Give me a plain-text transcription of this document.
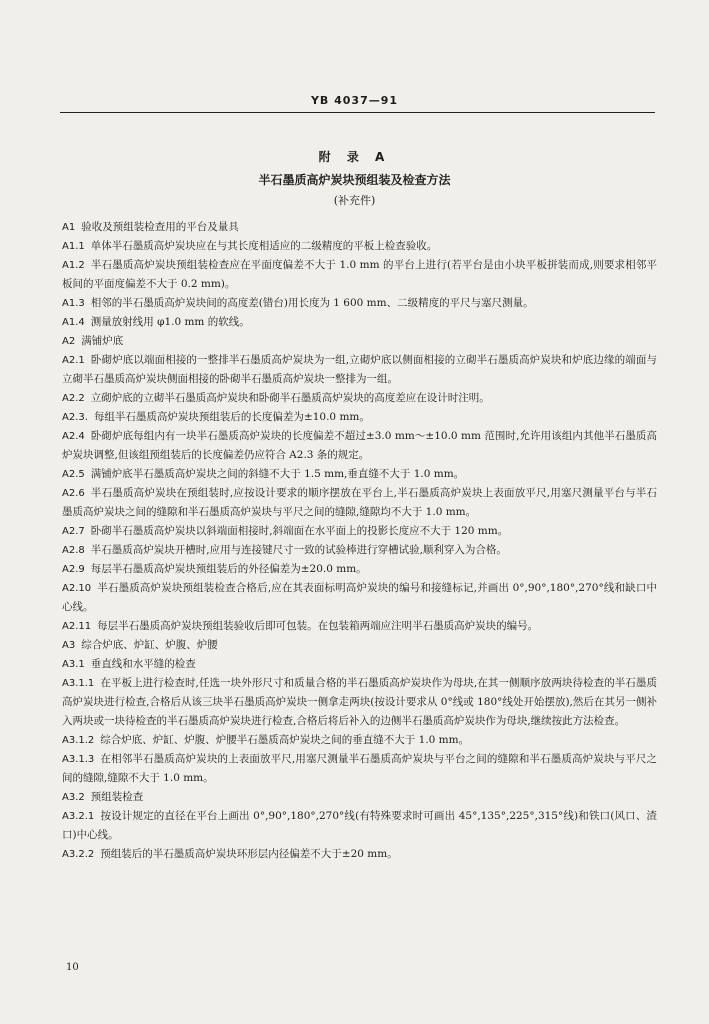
YB 4037—91
附 录 A
半石墨质高炉炭块预组装及检查方法
(补充件)
A1 验收及预组装检查用的平台及量具
A1.1 单体半石墨质高炉炭块应在与其长度相适应的二级精度的平板上检查验收。
A1.2 半石墨质高炉炭块预组装检查应在平面度偏差不大于 1.0 mm 的平台上进行(若平台是由小块平板拼装而成,则要求相邻平板间的平面度偏差不大于 0.2 mm)。
A1.3 相邻的半石墨质高炉炭块间的高度差(错台)用长度为 1 600 mm、二级精度的平尺与塞尺测量。
A1.4 测量放射线用 φ1.0 mm 的软线。
A2 满铺炉底
A2.1 卧砌炉底以端面相接的一整排半石墨质高炉炭块为一组,立砌炉底以侧面相接的立砌半石墨质高炉炭块和炉底边缘的端面与立砌半石墨质高炉炭块侧面相接的卧砌半石墨质高炉炭块一整排为一组。
A2.2 立砌炉底的立砌半石墨质高炉炭块和卧砌半石墨质高炉炭块的高度差应在设计时注明。
A2.3. 每组半石墨质高炉炭块预组装后的长度偏差为±10.0 mm。
A2.4 卧砌炉底每组内有一块半石墨质高炉炭块的长度偏差不超过±3.0 mm～±10.0 mm 范围时,允许用该组内其他半石墨质高炉炭块调整,但该组预组装后的长度偏差仍应符合 A2.3 条的规定。
A2.5 满铺炉底半石墨质高炉炭块之间的斜缝不大于 1.5 mm,垂直缝不大于 1.0 mm。
A2.6 半石墨质高炉炭块在预组装时,应按设计要求的顺序摆放在平台上,半石墨质高炉炭块上表面放平尺,用塞尺测量平台与半石墨质高炉炭块之间的缝隙和半石墨质高炉炭块与平尺之间的缝隙,缝隙均不大于 1.0 mm。
A2.7 卧砌半石墨质高炉炭块以斜端面相接时,斜端面在水平面上的投影长度应不大于 120 mm。
A2.8 半石墨质高炉炭块开槽时,应用与连接键尺寸一致的试验棒进行穿槽试验,顺利穿入为合格。
A2.9 每层半石墨质高炉炭块预组装后的外径偏差为±20.0 mm。
A2.10 半石墨质高炉炭块预组装检查合格后,应在其表面标明高炉炭块的编号和接缝标记,并画出 0°,90°,180°,270°线和缺口中心线。
A2.11 每层半石墨质高炉炭块预组装验收后即可包装。在包装箱两端应注明半石墨质高炉炭块的编号。
A3 综合炉底、炉缸、炉腹、炉腰
A3.1 垂直线和水平缝的检查
A3.1.1 在平板上进行检查时,任选一块外形尺寸和质量合格的半石墨质高炉炭块作为母块,在其一侧顺序放两块待检查的半石墨质高炉炭块进行检查,合格后从该三块半石墨质高炉炭块一侧拿走两块(按设计要求从 0°线或 180°线处开始摆放),然后在其另一侧补入两块或一块待检查的半石墨质高炉炭块进行检查,合格后将后补入的边侧半石墨质高炉炭块作为母块,继续按此方法检查。
A3.1.2 综合炉底、炉缸、炉腹、炉腰半石墨质高炉炭块之间的垂直缝不大于 1.0 mm。
A3.1.3 在相邻半石墨质高炉炭块的上表面放平尺,用塞尺测量半石墨质高炉炭块与平台之间的缝隙和半石墨质高炉炭块与平尺之间的缝隙,缝隙不大于 1.0 mm。
A3.2 预组装检查
A3.2.1 按设计规定的直径在平台上画出 0°,90°,180°,270°线(有特殊要求时可画出 45°,135°,225°,315°线)和铁口(风口、渣口)中心线。
A3.2.2 预组装后的半石墨质高炉炭块环形层内径偏差不大于±20 mm。
10
